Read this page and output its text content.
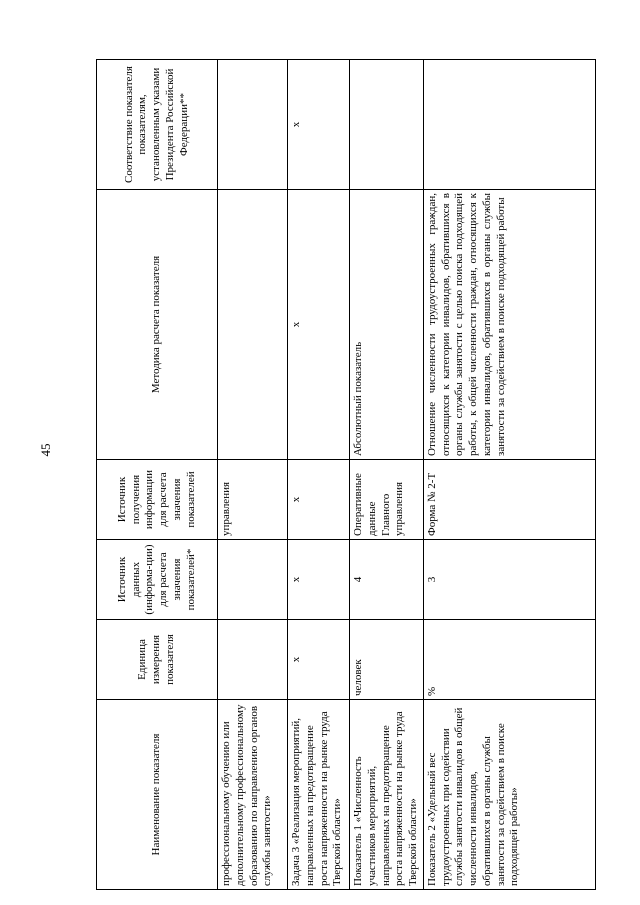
45
Наименование показателя	Единица измерения показателя	Источник данных (информа-ции) для расчета значения показателей*	Источник получения информации для расчета значения показателей	Методика расчета показателя	Соответствие показателя показателям, установленным указами Президента Российской Федерации**
профессиональному обучению или дополнительному профессиональному образованию по направлению органов службы занятости»			управления		
Задача 3 «Реализация мероприятий, направленных на предотвращение роста напряженности на рынке труда Тверской области»	х	х	х	х	х
Показатель 1 «Численность участников мероприятий, направленных на предотвращение роста напряженности на рынке труда Тверской области»	человек	4	Оперативные данные Главного управления	Абсолютный показатель	
Показатель 2 «Удельный вес трудоустроенных при содействии службы занятости инвалидов в общей численности инвалидов, обратившихся в органы службы занятости за содействием в поиске подходящей работы»	%	3	Форма № 2-Т	Отношение численности трудоустроенных граждан, относящихся к категории инвалидов, обратившихся в органы службы занятости с целью поиска подходящей работы, к общей численности граждан, относящихся к категории инвалидов, обратившихся в органы службы занятости за содействием в поиске подходящей работы	
